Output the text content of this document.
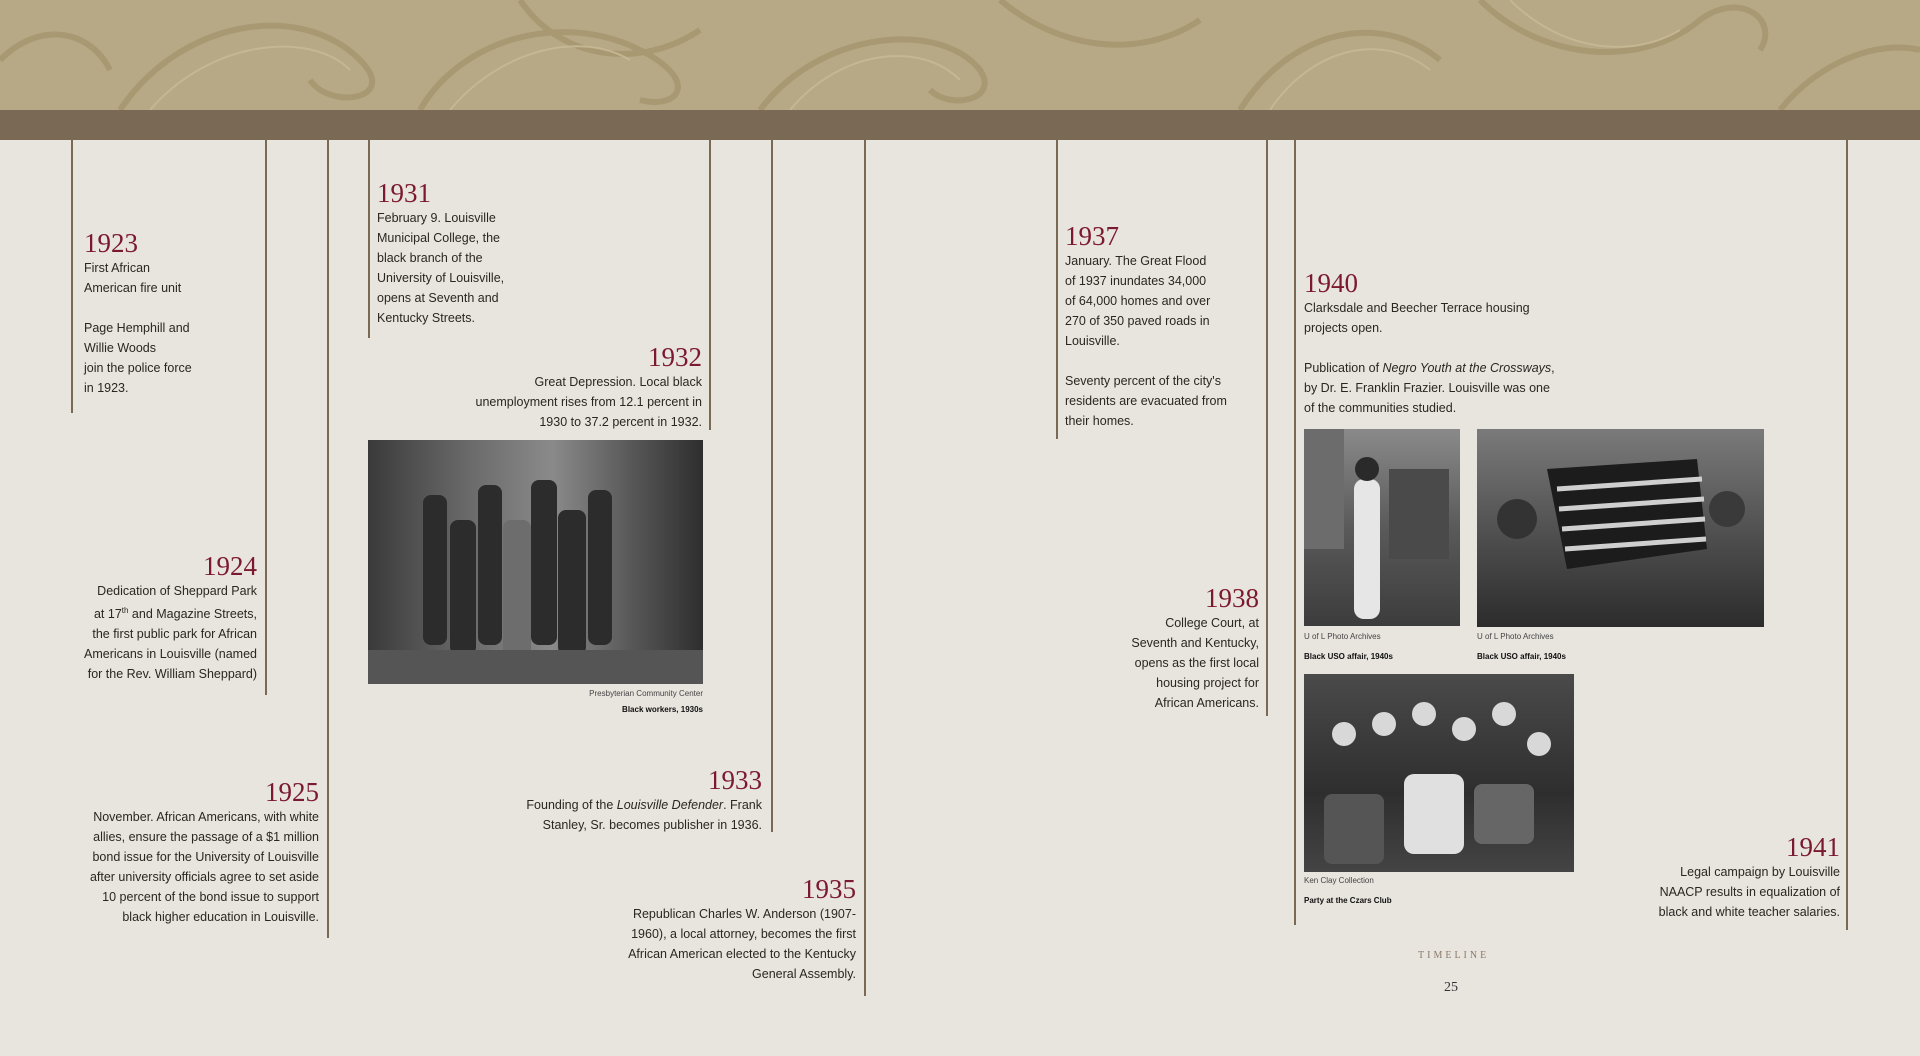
1923
First African
American fire unit
Page Hemphill and
Willie Woods
join the police force
in 1923.
1924
Dedication of Sheppard Park
at 17th and Magazine Streets,
the first public park for African
Americans in Louisville (named
for the Rev. William Sheppard)
1925
November. African Americans, with white
allies, ensure the passage of a $1 million
bond issue for the University of Louisville
after university officials agree to set aside
10 percent of the bond issue to support
black higher education in Louisville.
1931
February 9. Louisville
Municipal College, the
black branch of the
University of Louisville,
opens at Seventh and
Kentucky Streets.
1932
Great Depression. Local black
unemployment rises from 12.1 percent in
1930 to 37.2 percent in 1932.
Presbyterian Community Center
Black workers, 1930s
1933
Founding of the Louisville Defender. Frank
Stanley, Sr. becomes publisher in 1936.
1935
Republican Charles W. Anderson (1907-
1960), a local attorney, becomes the first
African American elected to the Kentucky
General Assembly.
1937
January. The Great Flood
of 1937 inundates 34,000
of 64,000 homes and over
270 of 350 paved roads in
Louisville.
Seventy percent of the city's
residents are evacuated from
their homes.
1938
College Court, at
Seventh and Kentucky,
opens as the first local
housing project for
African Americans.
1940
Clarksdale and Beecher Terrace housing
projects open.
Publication of Negro Youth at the Crossways,
by Dr. E. Franklin Frazier. Louisville was one
of the communities studied.
U of L Photo Archives
Black USO affair, 1940s
U of L Photo Archives
Black USO affair, 1940s
Ken Clay Collection
Party at the Czars Club
1941
Legal campaign by Louisville
NAACP results in equalization of
black and white teacher salaries.
TIMELINE
25
